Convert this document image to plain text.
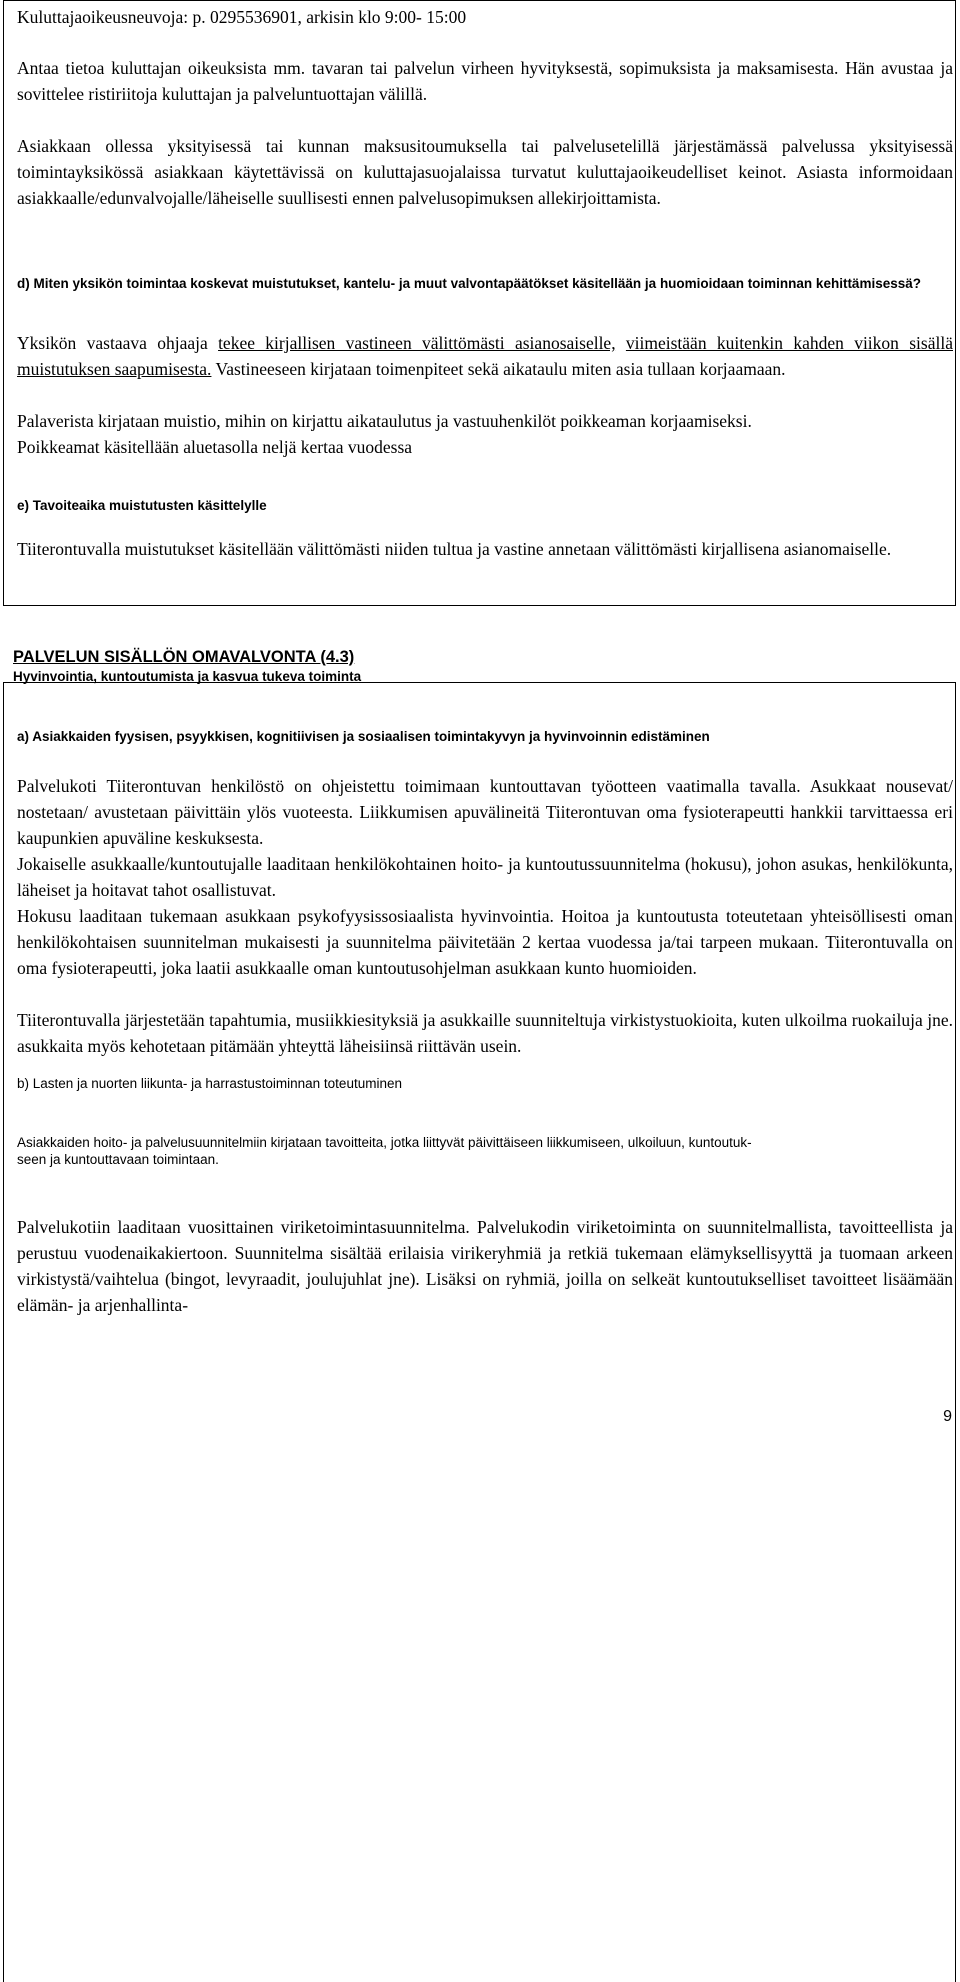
Kuluttajaoikeusneuvoja: p. 0295536901, arkisin klo 9:00- 15:00
Antaa tietoa kuluttajan oikeuksista mm. tavaran tai palvelun virheen hyvityksestä, sopimuksista ja maksamisesta. Hän avustaa ja sovittelee ristiriitoja kuluttajan ja palveluntuottajan välillä.
Asiakkaan ollessa yksityisessä tai kunnan maksusitoumuksella tai palvelusetelillä järjestämässä palvelussa yksityisessä toimintayksikössä asiakkaan käytettävissä on kuluttajasuojalaissa turvatut kuluttajaoikeudelliset keinot. Asiasta informoidaan asiakkaalle/edunvalvojalle/läheiselle suullisesti ennen palvelusopimuksen allekirjoittamista.
d) Miten yksikön toimintaa koskevat muistutukset, kantelu- ja muut valvontapäätökset käsitellään ja huomioidaan toiminnan kehittämisessä?
Yksikön vastaava ohjaaja tekee kirjallisen vastineen välittömästi asianosaiselle, viimeistään kuitenkin kahden viikon sisällä muistutuksen saapumisesta. Vastineeseen kirjataan toimenpiteet sekä aikataulu miten asia tullaan korjaamaan.
Palaverista kirjataan muistio, mihin on kirjattu aikataulutus ja vastuuhenkilöt poikkeaman korjaamiseksi.
Poikkeamat käsitellään aluetasolla neljä kertaa vuodessa
e) Tavoiteaika muistutusten käsittelylle
Tiiterontuvalla muistutukset käsitellään välittömästi niiden tultua ja vastine annetaan välittömästi kirjallisena asianomaiselle.
PALVELUN SISÄLLÖN OMAVALVONTA (4.3)
Hyvinvointia, kuntoutumista ja kasvua tukeva toiminta
a) Asiakkaiden fyysisen, psyykkisen, kognitiivisen ja sosiaalisen toimintakyvyn ja hyvinvoinnin edistäminen
Palvelukoti Tiiterontuvan henkilöstö on ohjeistettu toimimaan kuntouttavan työotteen vaatimalla tavalla. Asukkaat nousevat/ nostetaan/ avustetaan päivittäin ylös vuoteesta. Liikkumisen apuvälineitä Tiiterontuvan oma fysioterapeutti hankkii tarvittaessa eri kaupunkien apuväline keskuksesta.
Jokaiselle asukkaalle/kuntoutujalle laaditaan henkilökohtainen hoito- ja kuntoutussuunnitelma (hokusu), johon asukas, henkilökunta, läheiset ja hoitavat tahot osallistuvat.
Hokusu laaditaan tukemaan asukkaan psykofyysissosiaalista hyvinvointia. Hoitoa ja kuntoutusta toteutetaan yhteisöllisesti oman henkilökohtaisen suunnitelman mukaisesti ja suunnitelma päivitetään 2 kertaa vuodessa ja/tai tarpeen mukaan. Tiiterontuvalla on oma fysioterapeutti, joka laatii asukkaalle oman kuntoutusohjelman asukkaan kunto huomioiden.
Tiiterontuvalla järjestetään tapahtumia, musiikkiesityksiä ja asukkaille suunniteltuja virkistystuokioita, kuten ulkoilma ruokailuja jne. asukkaita myös kehotetaan pitämään yhteyttä läheisiinsä riittävän usein.
b) Lasten ja nuorten liikunta- ja harrastustoiminnan toteutuminen
Asiakkaiden hoito- ja palvelusuunnitelmiin kirjataan tavoitteita, jotka liittyvät päivittäiseen liikkumiseen, ulkoiluun, kuntoutuk-
seen ja kuntouttavaan toimintaan.
Palvelukotiin laaditaan vuosittainen viriketoimintasuunnitelma. Palvelukodin viriketoiminta on suunnitelmallista, tavoitteellista ja perustuu vuodenaikakiertoon. Suunnitelma sisältää erilaisia virikeryhmiä ja retkiä tukemaan elämyksellisyyttä ja tuomaan arkeen virkistystä/vaihtelua (bingot, levyraadit, joulujuhlat jne). Lisäksi on ryhmiä, joilla on selkeät kuntoutukselliset tavoitteet lisäämään elämän- ja arjenhallinta-
9
